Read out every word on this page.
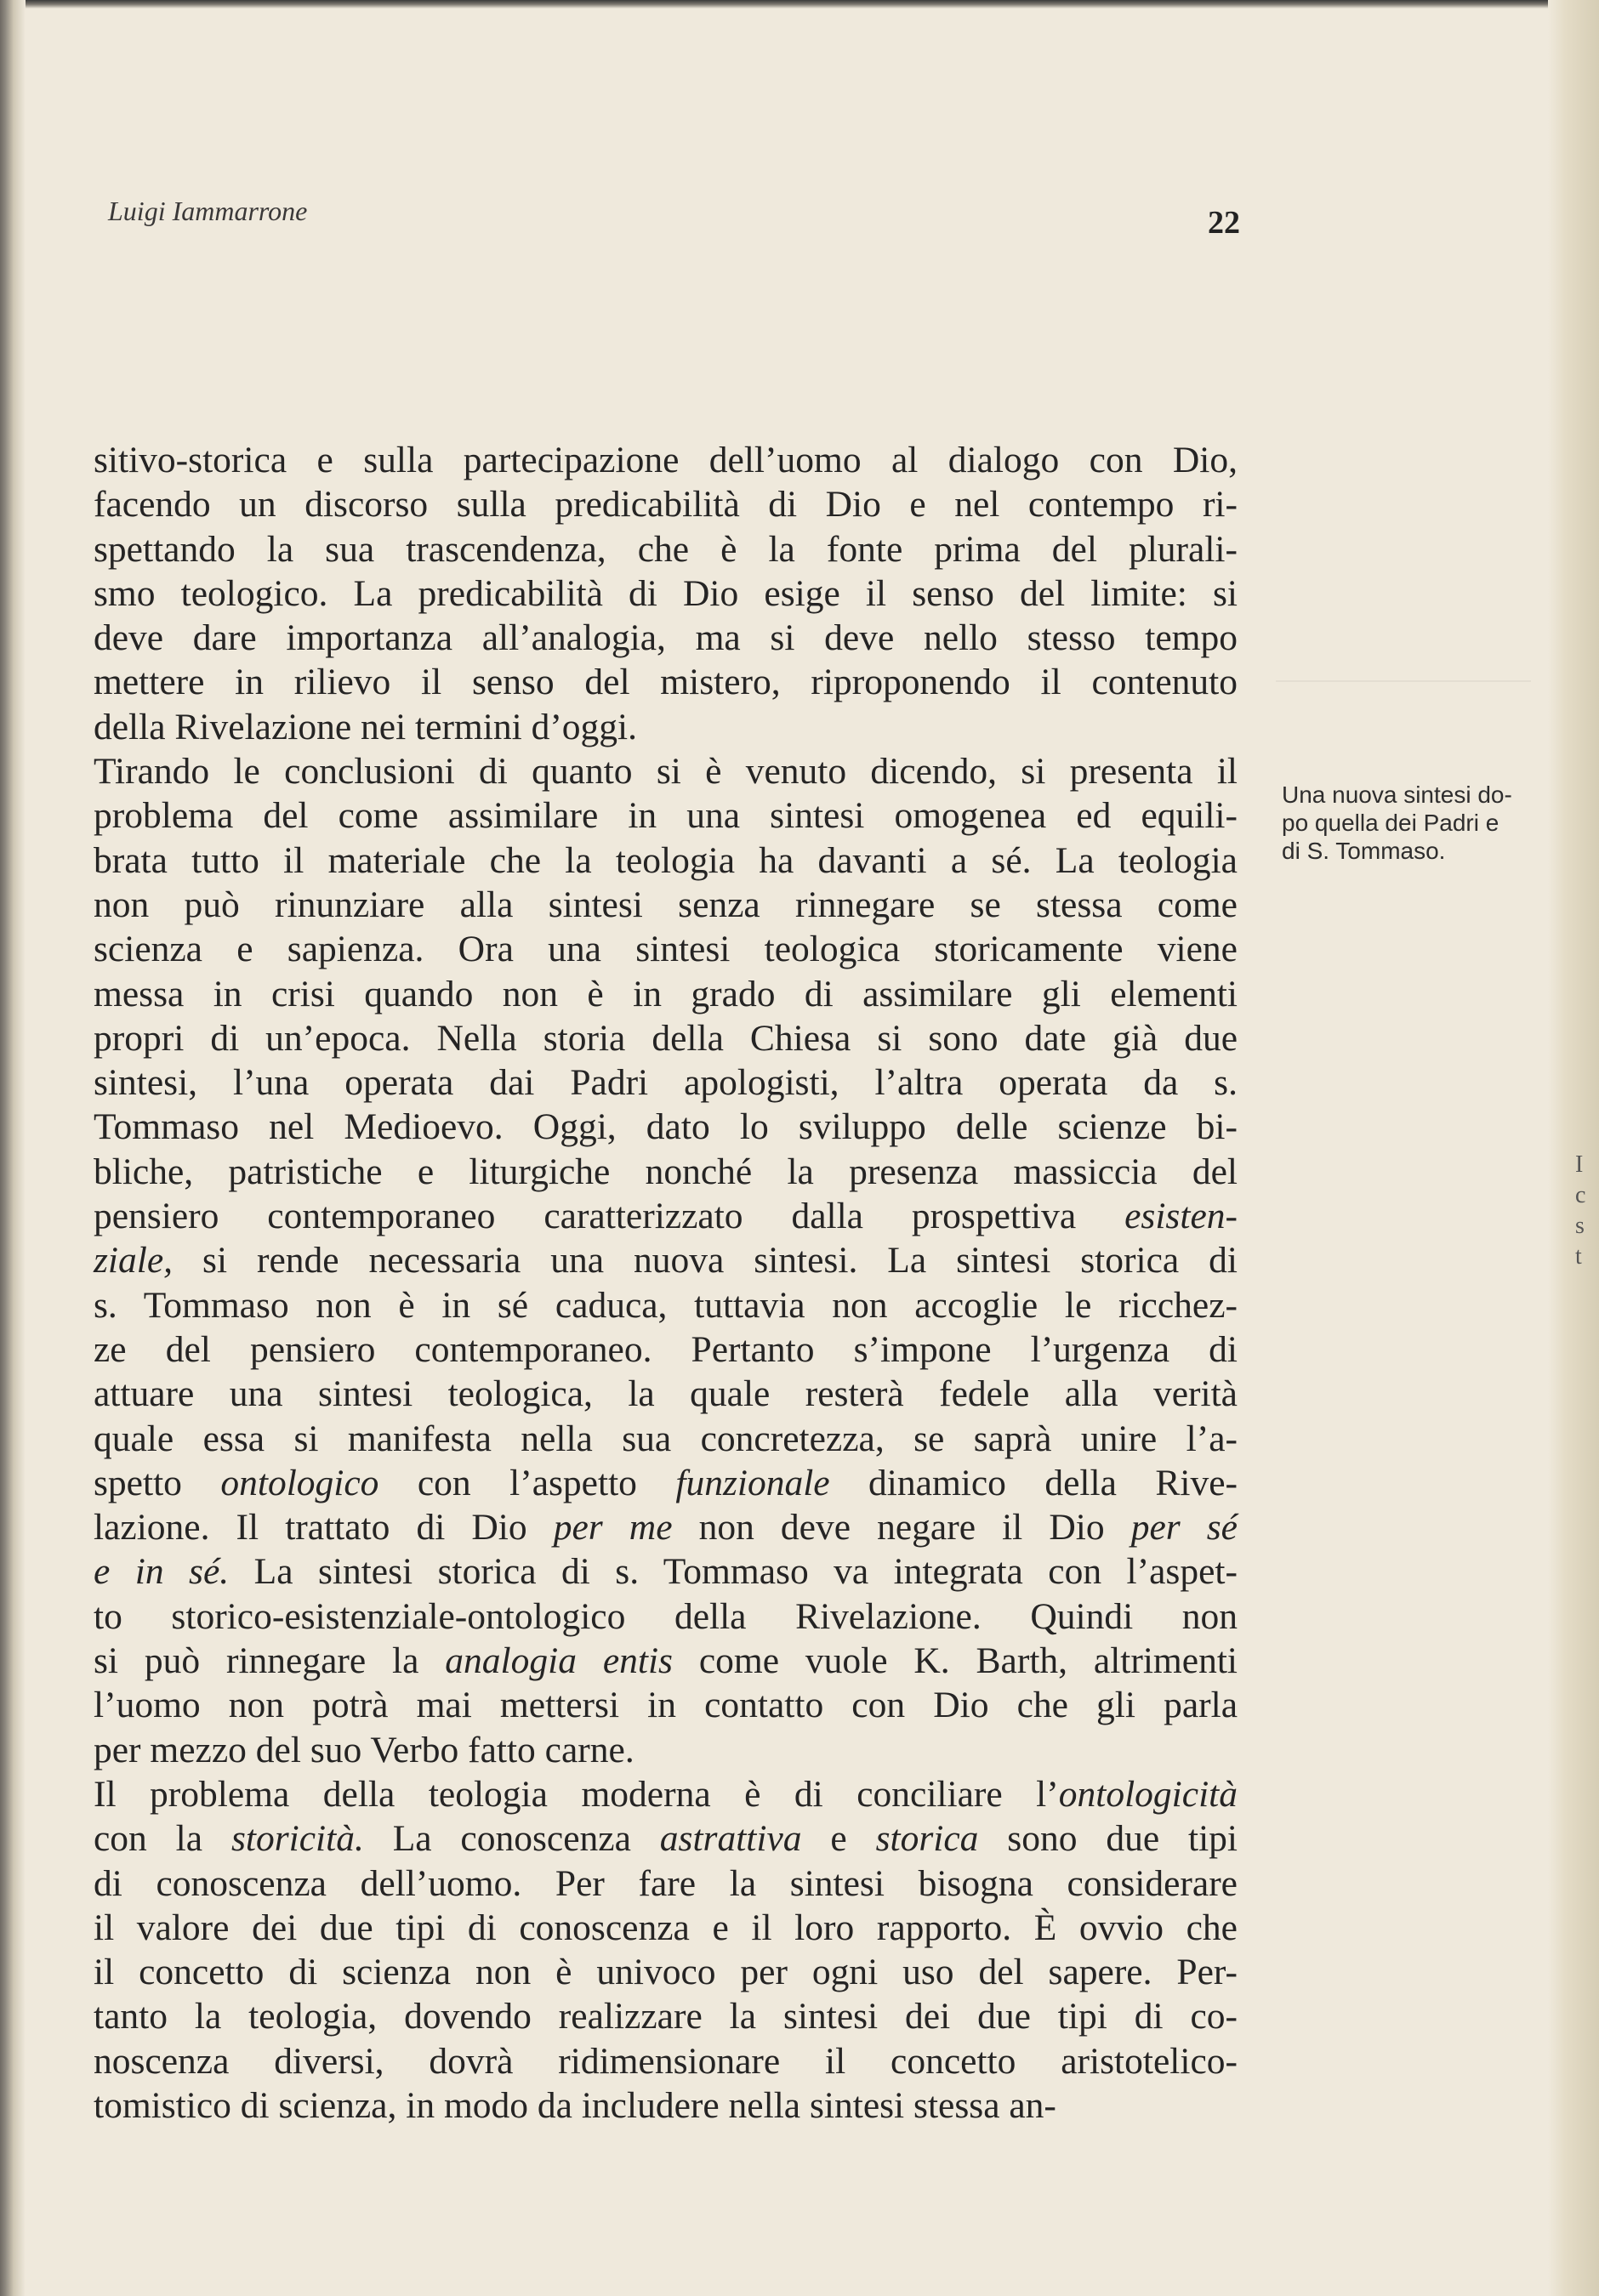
Luigi Iammarrone	22
sitivo-storica e sulla partecipazione dell’uomo al dialogo con Dio,
facendo un discorso sulla predicabilità di Dio e nel contempo ri-
spettando la sua trascendenza, che è la fonte prima del plurali-
smo teologico. La predicabilità di Dio esige il senso del limite: si
deve dare importanza all’analogia, ma si deve nello stesso tempo
mettere in rilievo il senso del mistero, riproponendo il contenuto
della Rivelazione nei termini d’oggi.
Tirando le conclusioni di quanto si è venuto dicendo, si presenta il
problema del come assimilare in una sintesi omogenea ed equili-
brata tutto il materiale che la teologia ha davanti a sé. La teologia
non può rinunziare alla sintesi senza rinnegare se stessa come
scienza e sapienza. Ora una sintesi teologica storicamente viene
messa in crisi quando non è in grado di assimilare gli elementi
propri di un’epoca. Nella storia della Chiesa si sono date già due
sintesi, l’una operata dai Padri apologisti, l’altra operata da s.
Tommaso nel Medioevo. Oggi, dato lo sviluppo delle scienze bi-
bliche, patristiche e liturgiche nonché la presenza massiccia del
pensiero contemporaneo caratterizzato dalla prospettiva esisten-
ziale, si rende necessaria una nuova sintesi. La sintesi storica di
s. Tommaso non è in sé caduca, tuttavia non accoglie le ricchez-
ze del pensiero contemporaneo. Pertanto s’impone l’urgenza di
attuare una sintesi teologica, la quale resterà fedele alla verità
quale essa si manifesta nella sua concretezza, se saprà unire l’a-
spetto ontologico con l’aspetto funzionale dinamico della Rive-
lazione. Il trattato di Dio per me non deve negare il Dio per sé
e in sé. La sintesi storica di s. Tommaso va integrata con l’aspet-
to storico-esistenziale-ontologico della Rivelazione. Quindi non
si può rinnegare la analogia entis come vuole K. Barth, altrimenti
l’uomo non potrà mai mettersi in contatto con Dio che gli parla
per mezzo del suo Verbo fatto carne.
Il problema della teologia moderna è di conciliare l’ontologicità
con la storicità. La conoscenza astrattiva e storica sono due tipi
di conoscenza dell’uomo. Per fare la sintesi bisogna considerare
il valore dei due tipi di conoscenza e il loro rapporto. È ovvio che
il concetto di scienza non è univoco per ogni uso del sapere. Per-
tanto la teologia, dovendo realizzare la sintesi dei due tipi di co-
noscenza diversi, dovrà ridimensionare il concetto aristotelico-
tomistico di scienza, in modo da includere nella sintesi stessa an-
Una nuova sintesi do-
po quella dei Padri e
di S. Tommaso.
I
c
s
t
